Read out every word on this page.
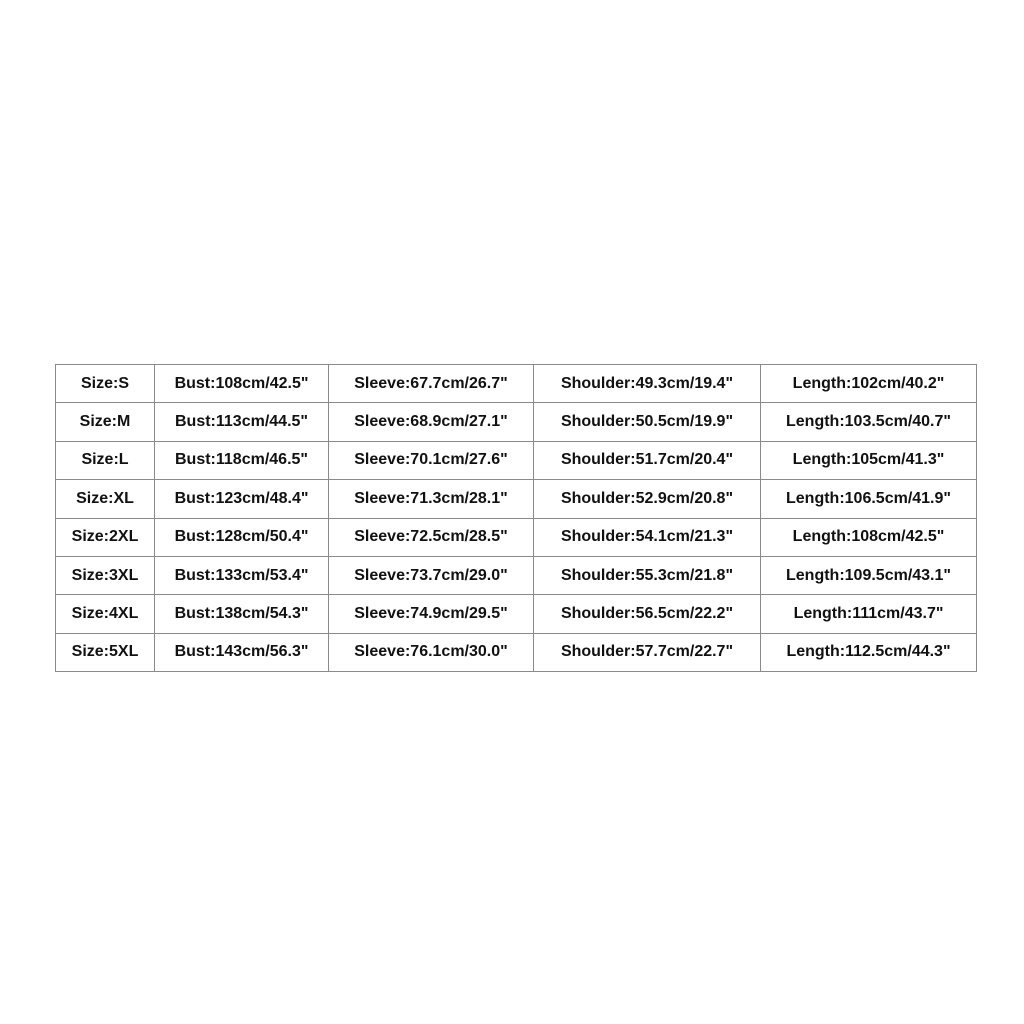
Size:S	Bust:108cm/42.5"	Sleeve:67.7cm/26.7"	Shoulder:49.3cm/19.4"	Length:102cm/40.2"
Size:M	Bust:113cm/44.5"	Sleeve:68.9cm/27.1"	Shoulder:50.5cm/19.9"	Length:103.5cm/40.7"
Size:L	Bust:118cm/46.5"	Sleeve:70.1cm/27.6"	Shoulder:51.7cm/20.4"	Length:105cm/41.3"
Size:XL	Bust:123cm/48.4"	Sleeve:71.3cm/28.1"	Shoulder:52.9cm/20.8"	Length:106.5cm/41.9"
Size:2XL	Bust:128cm/50.4"	Sleeve:72.5cm/28.5"	Shoulder:54.1cm/21.3"	Length:108cm/42.5"
Size:3XL	Bust:133cm/53.4"	Sleeve:73.7cm/29.0"	Shoulder:55.3cm/21.8"	Length:109.5cm/43.1"
Size:4XL	Bust:138cm/54.3"	Sleeve:74.9cm/29.5"	Shoulder:56.5cm/22.2"	Length:111cm/43.7"
Size:5XL	Bust:143cm/56.3"	Sleeve:76.1cm/30.0"	Shoulder:57.7cm/22.7"	Length:112.5cm/44.3"
